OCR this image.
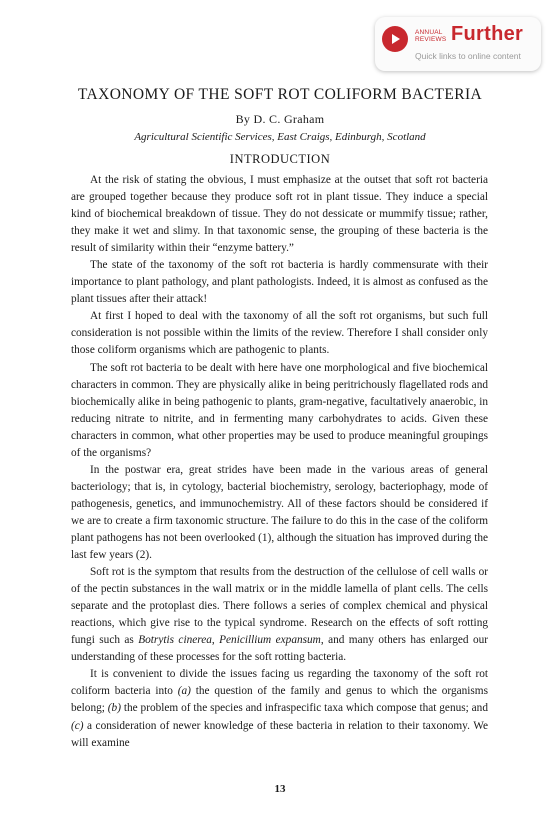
ANNUAL
REVIEWS Further
Quick links to online content
TAXONOMY OF THE SOFT ROT COLIFORM BACTERIA
By D. C. Graham
Agricultural Scientific Services, East Craigs, Edinburgh, Scotland
INTRODUCTION

At the risk of stating the obvious, I must emphasize at the outset that soft rot bacteria are grouped together because they produce soft rot in plant tissue. They induce a special kind of biochemical breakdown of tissue. They do not dessicate or mummify tissue; rather, they make it wet and slimy. In that taxonomic sense, the grouping of these bacteria is the result of similarity within their “enzyme battery.”

The state of the taxonomy of the soft rot bacteria is hardly commensurate with their importance to plant pathology, and plant pathologists. Indeed, it is almost as confused as the plant tissues after their attack!

At first I hoped to deal with the taxonomy of all the soft rot organisms, but such full consideration is not possible within the limits of the review. Therefore I shall consider only those coliform organisms which are pathogenic to plants.

The soft rot bacteria to be dealt with here have one morphological and five biochemical characters in common. They are physically alike in being peritrichously flagellated rods and biochemically alike in being pathogenic to plants, gram-negative, facultatively anaerobic, in reducing nitrate to nitrite, and in fermenting many carbohydrates to acids. Given these characters in common, what other properties may be used to produce meaningful groupings of the organisms?

In the postwar era, great strides have been made in the various areas of general bacteriology; that is, in cytology, bacterial biochemistry, serology, bacteriophagy, mode of pathogenesis, genetics, and immunochemistry. All of these factors should be considered if we are to create a firm taxonomic structure. The failure to do this in the case of the coliform plant pathogens has not been overlooked (1), although the situation has improved during the last few years (2).

Soft rot is the symptom that results from the destruction of the cellulose of cell walls or of the pectin substances in the wall matrix or in the middle lamella of plant cells. The cells separate and the protoplast dies. There follows a series of complex chemical and physical reactions, which give rise to the typical syndrome. Research on the effects of soft rotting fungi such as Botrytis cinerea, Penicillium expansum, and many others has enlarged our understanding of these processes for the soft rotting bacteria.

It is convenient to divide the issues facing us regarding the taxonomy of the soft rot coliform bacteria into (a) the question of the family and genus to which the organisms belong; (b) the problem of the species and infraspecific taxa which compose that genus; and (c) a consideration of newer knowledge of these bacteria in relation to their taxonomy. We will examine

13
